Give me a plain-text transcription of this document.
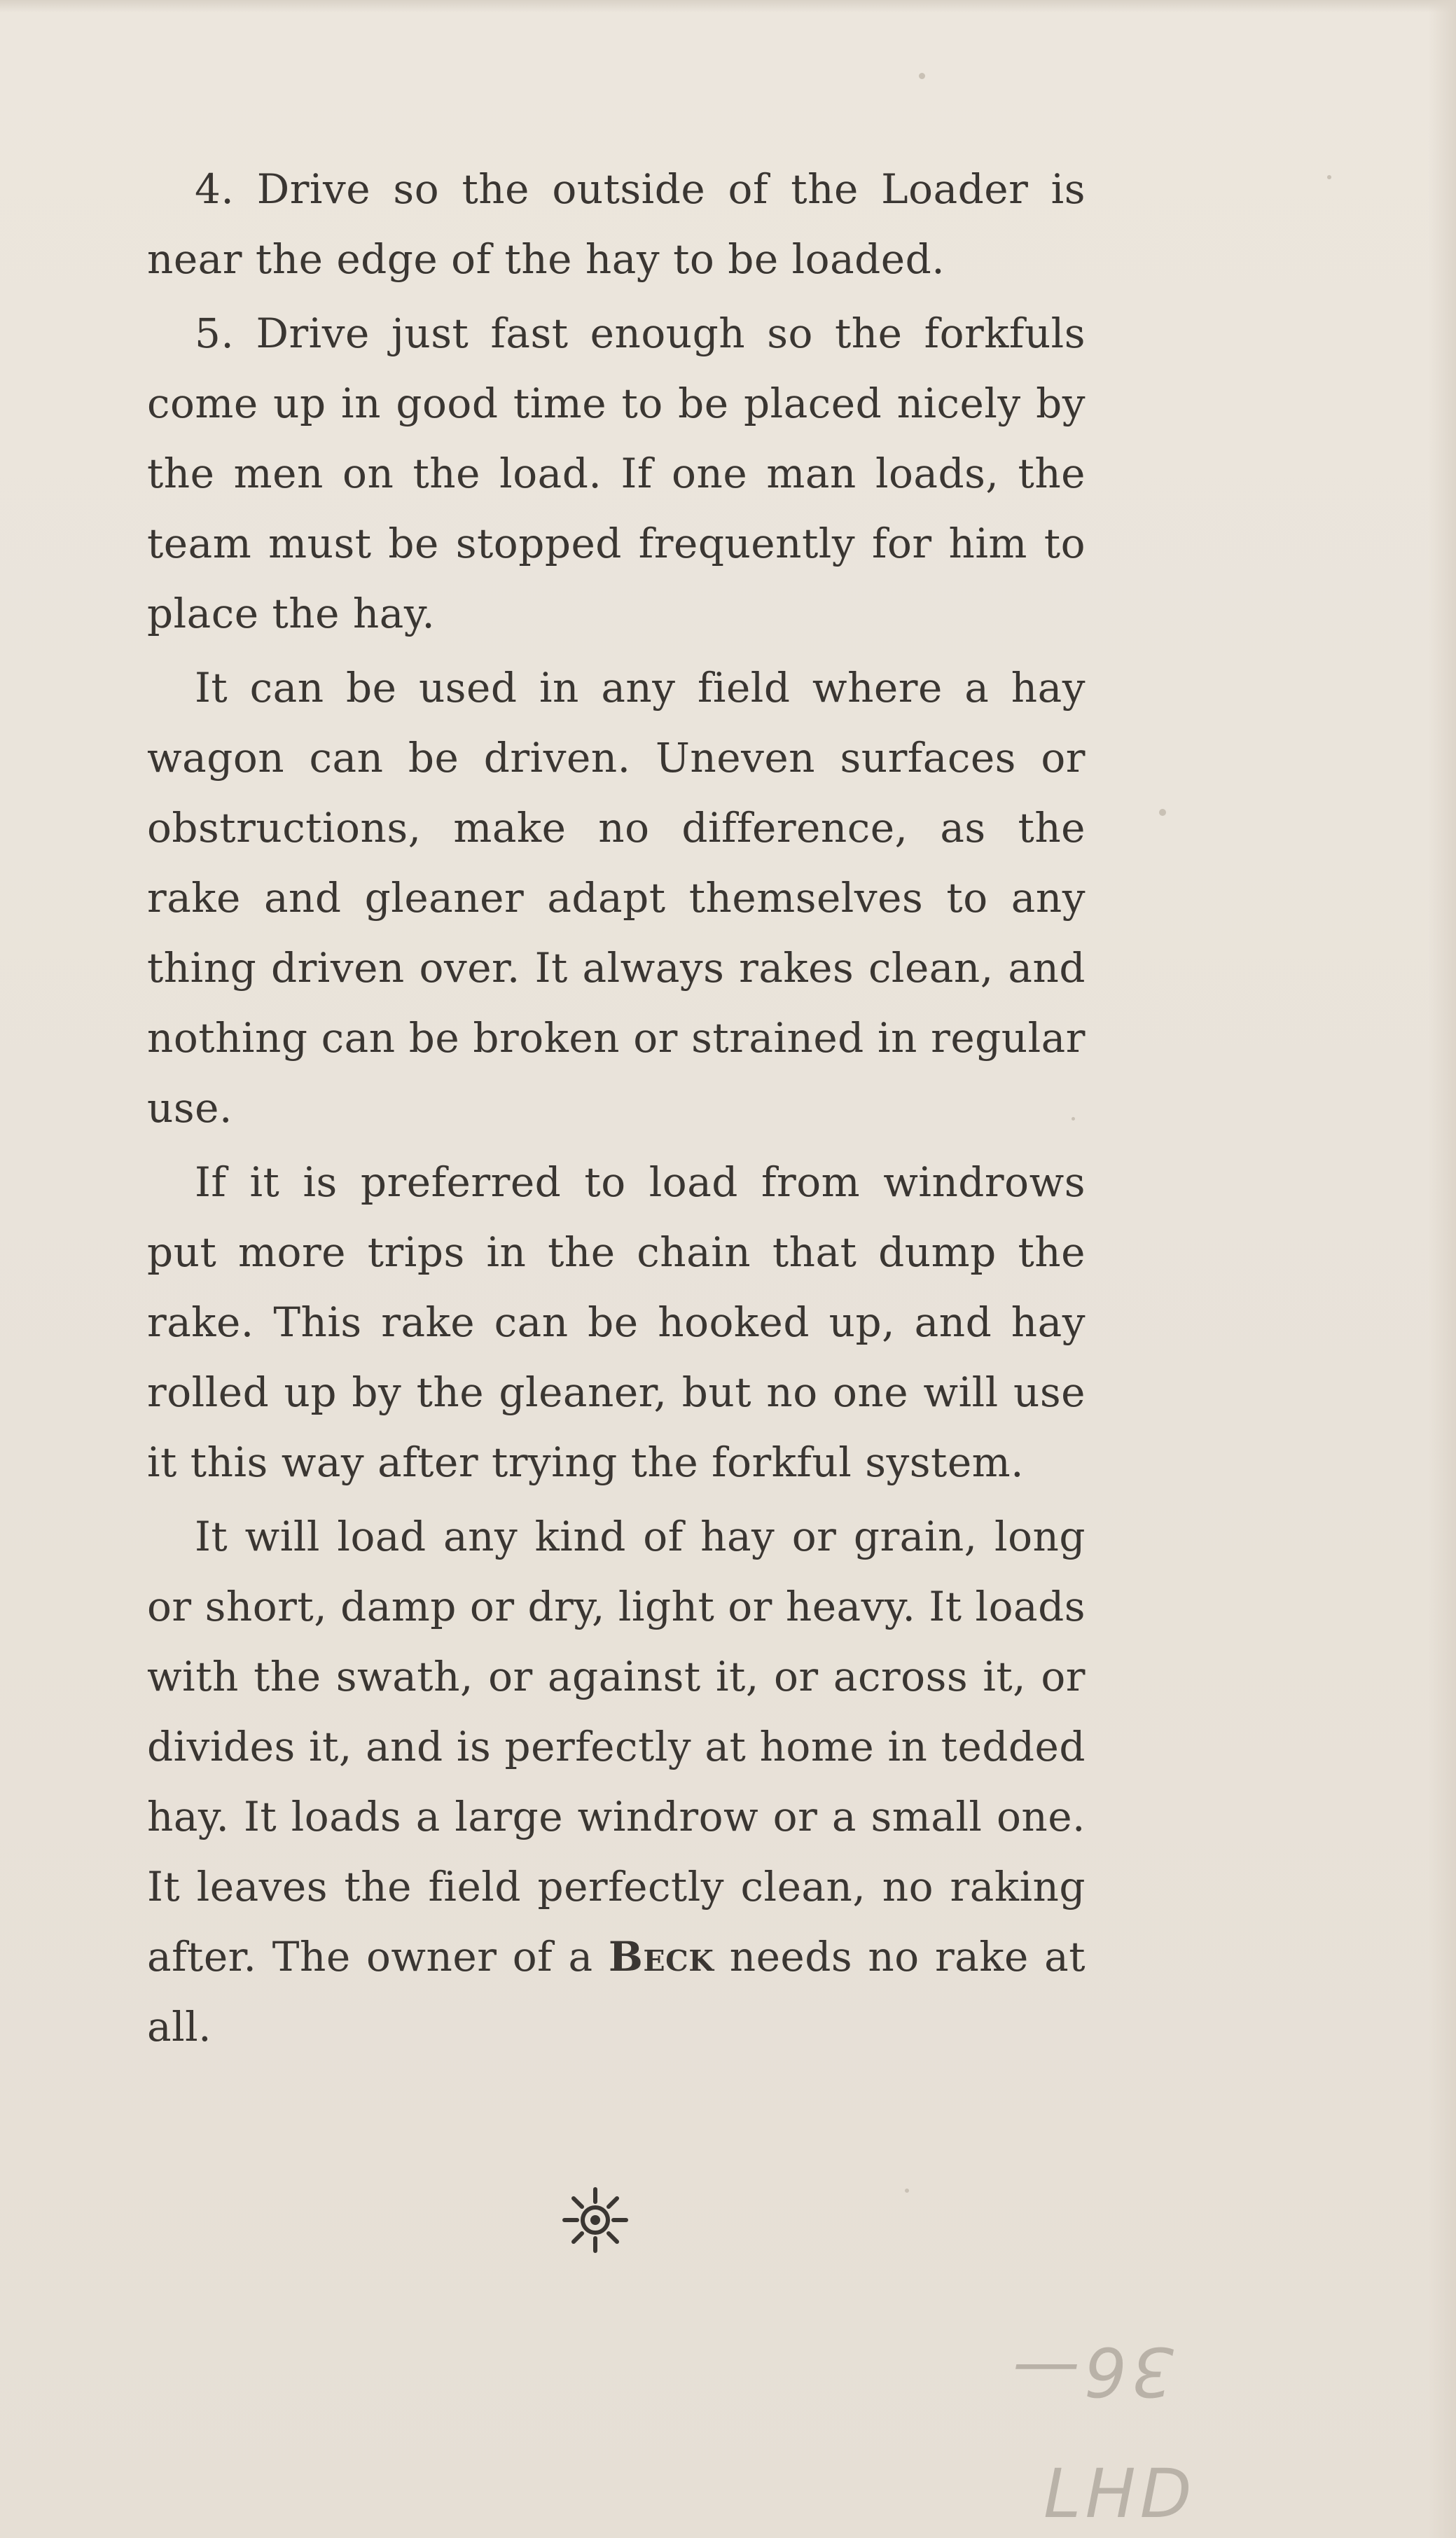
4. Drive so the outside of the Loader is near the edge of the hay to be loaded.

5. Drive just fast enough so the forkfuls come up in good time to be placed nicely by the men on the load. If one man loads, the team must be stopped frequently for him to place the hay.

It can be used in any field where a hay wagon can be driven. Uneven surfaces or obstructions, make no difference, as the rake and gleaner adapt themselves to any thing driven over. It always rakes clean, and nothing can be broken or strained in regular use.

If it is preferred to load from windrows put more trips in the chain that dump the rake. This rake can be hooked up, and hay rolled up by the gleaner, but no one will use it this way after trying the forkful system.

It will load any kind of hay or grain, long or short, damp or dry, light or heavy. It loads with the swath, or against it, or across it, or divides it, and is perfectly at home in tedded hay. It loads a large windrow or a small one. It leaves the field perfectly clean, no raking after. The owner of a Beck needs no rake at all.

36—
LHD
